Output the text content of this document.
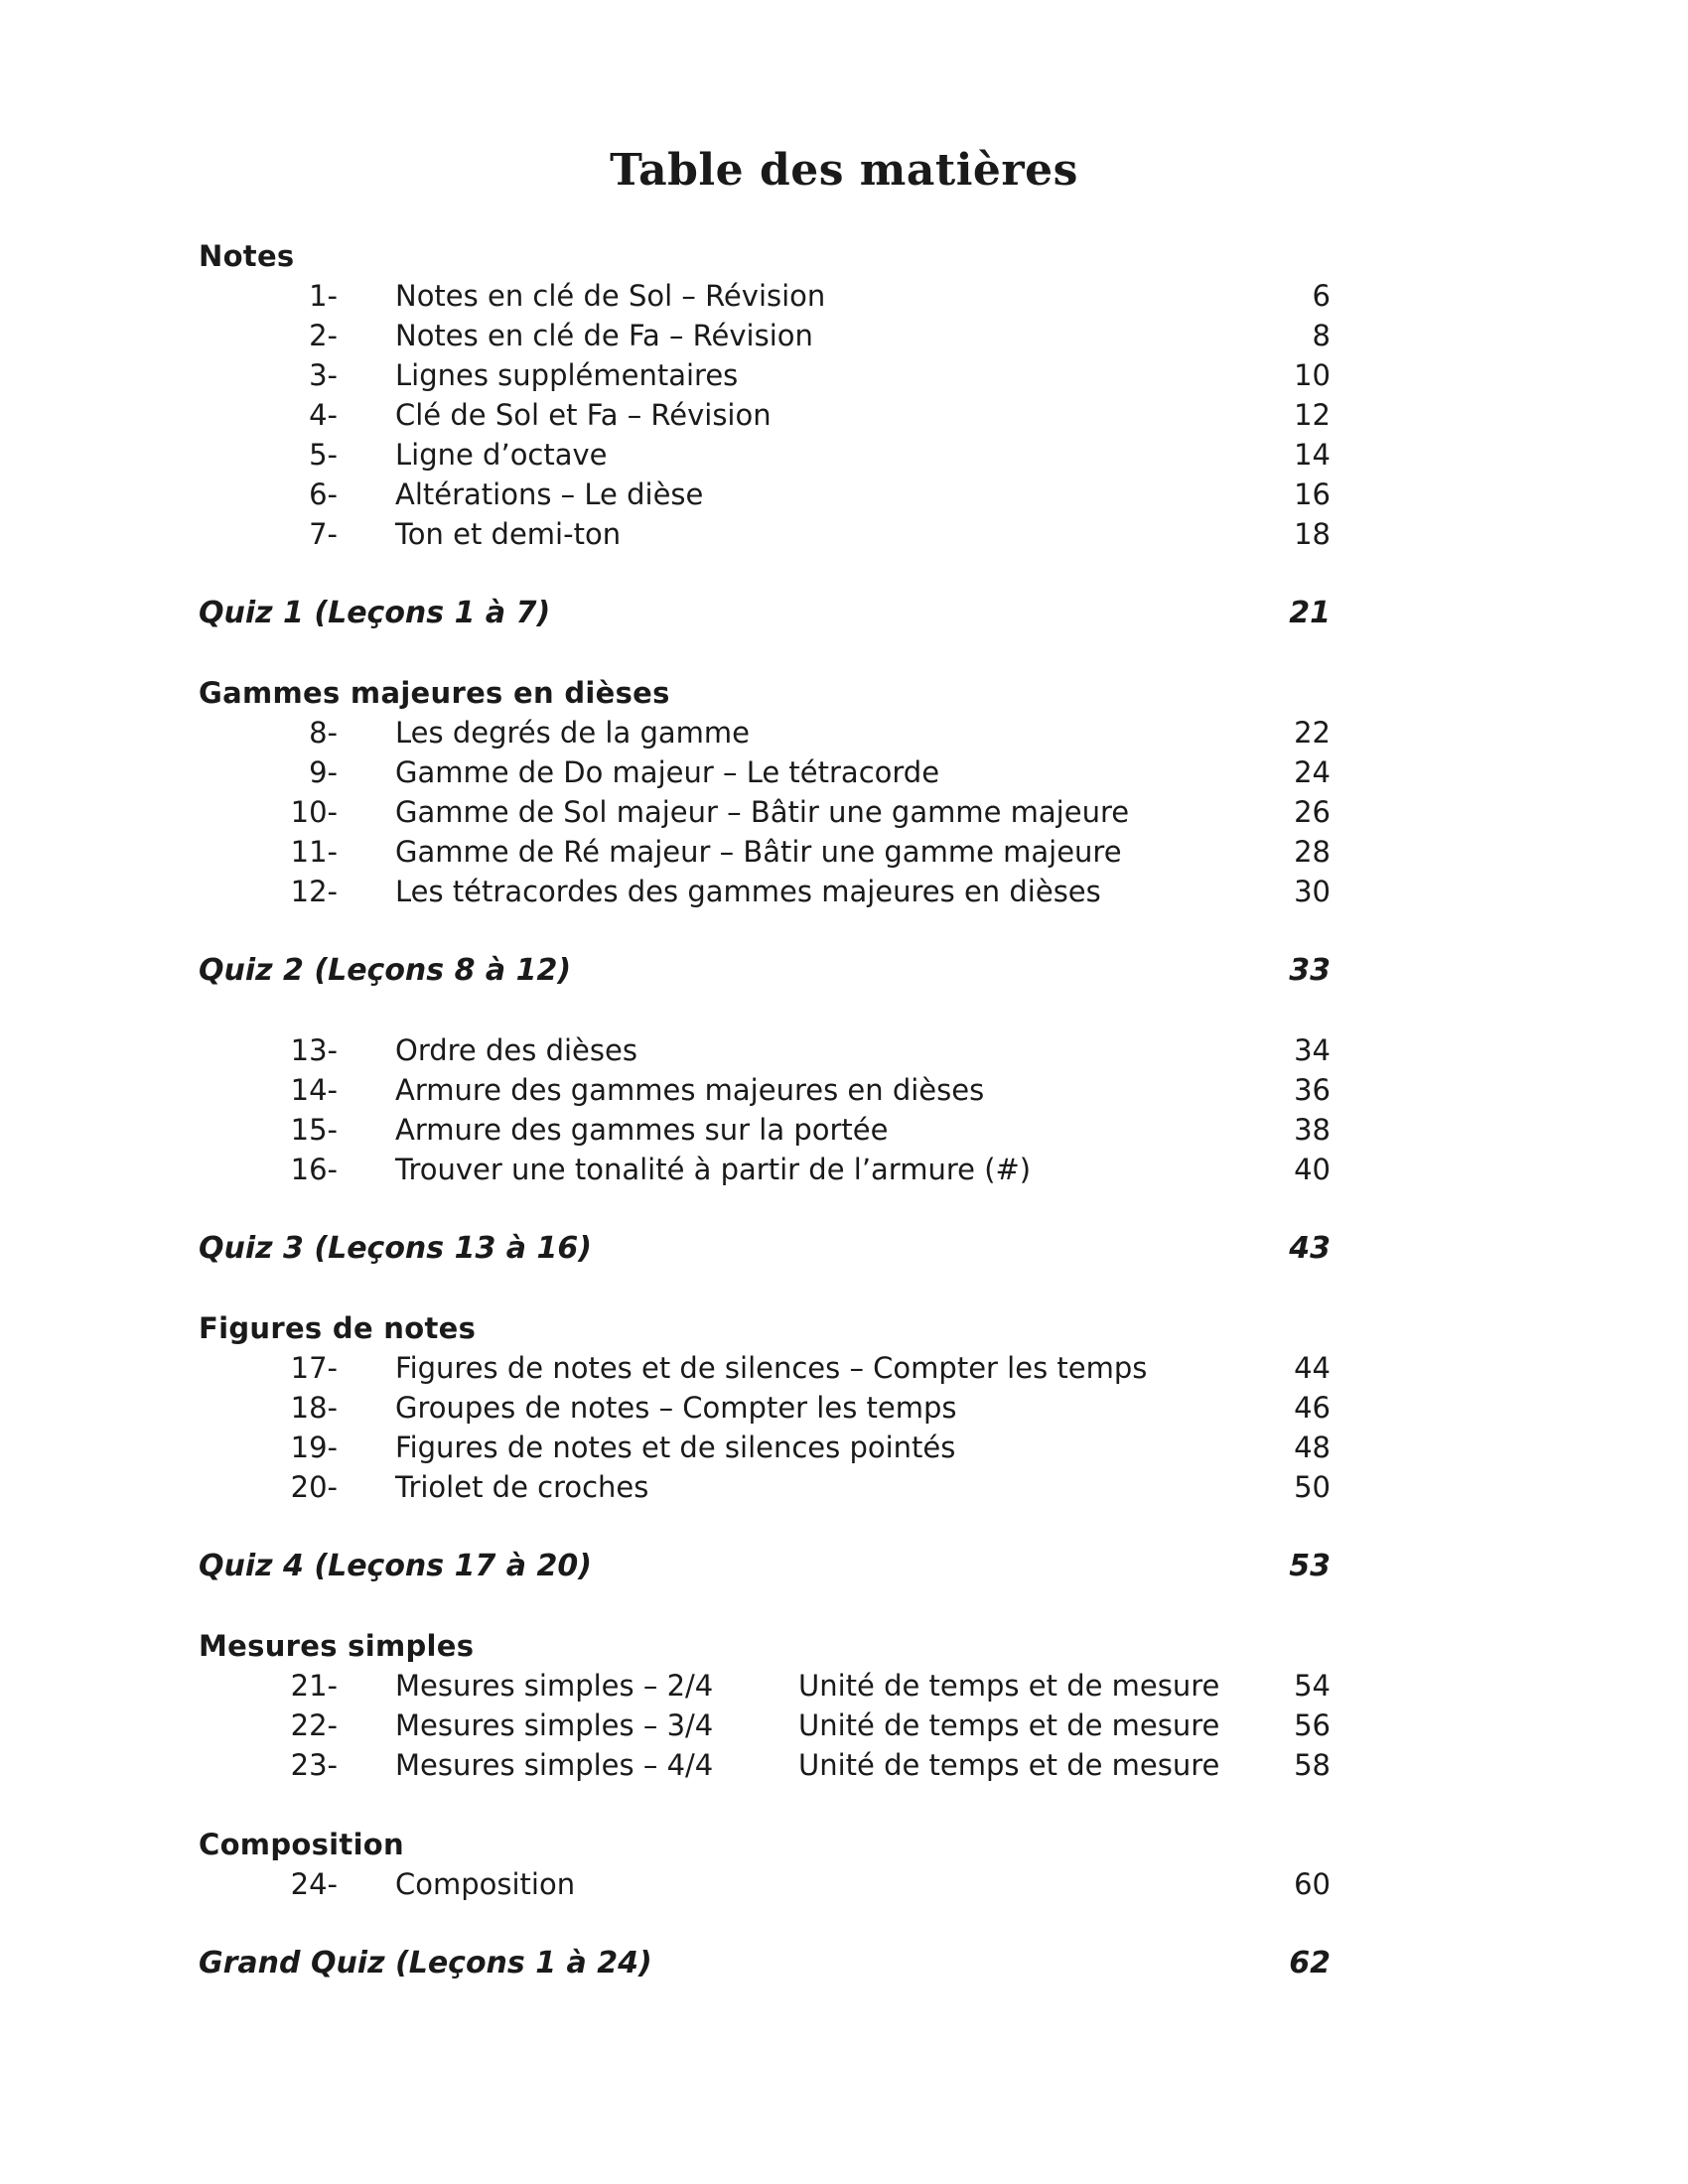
Table des matières
Notes
1- Notes en clé de Sol – Révision	6
2- Notes en clé de Fa – Révision	8
3- Lignes supplémentaires	10
4- Clé de Sol et Fa – Révision	12
5- Ligne d’octave	14
6- Altérations – Le dièse	16
7- Ton et demi-ton	18
Quiz 1 (Leçons 1 à 7)	21
Gammes majeures en dièses
8- Les degrés de la gamme	22
9- Gamme de Do majeur – Le tétracorde	24
10- Gamme de Sol majeur – Bâtir une gamme majeure	26
11- Gamme de Ré majeur – Bâtir une gamme majeure	28
12- Les tétracordes des gammes majeures en dièses	30
Quiz 2 (Leçons 8 à 12)	33
13- Ordre des dièses	34
14- Armure des gammes majeures en dièses	36
15- Armure des gammes sur la portée	38
16- Trouver une tonalité à partir de l’armure (#)	40
Quiz 3 (Leçons 13 à 16)	43
Figures de notes
17- Figures de notes et de silences – Compter les temps	44
18- Groupes de notes – Compter les temps	46
19- Figures de notes et de silences pointés	48
20- Triolet de croches	50
Quiz 4 (Leçons 17 à 20)	53
Mesures simples
21- Mesures simples – 2/4	Unité de temps et de mesure	54
22- Mesures simples – 3/4	Unité de temps et de mesure	56
23- Mesures simples – 4/4	Unité de temps et de mesure	58
Composition
24- Composition	60
Grand Quiz (Leçons 1 à 24)	62
